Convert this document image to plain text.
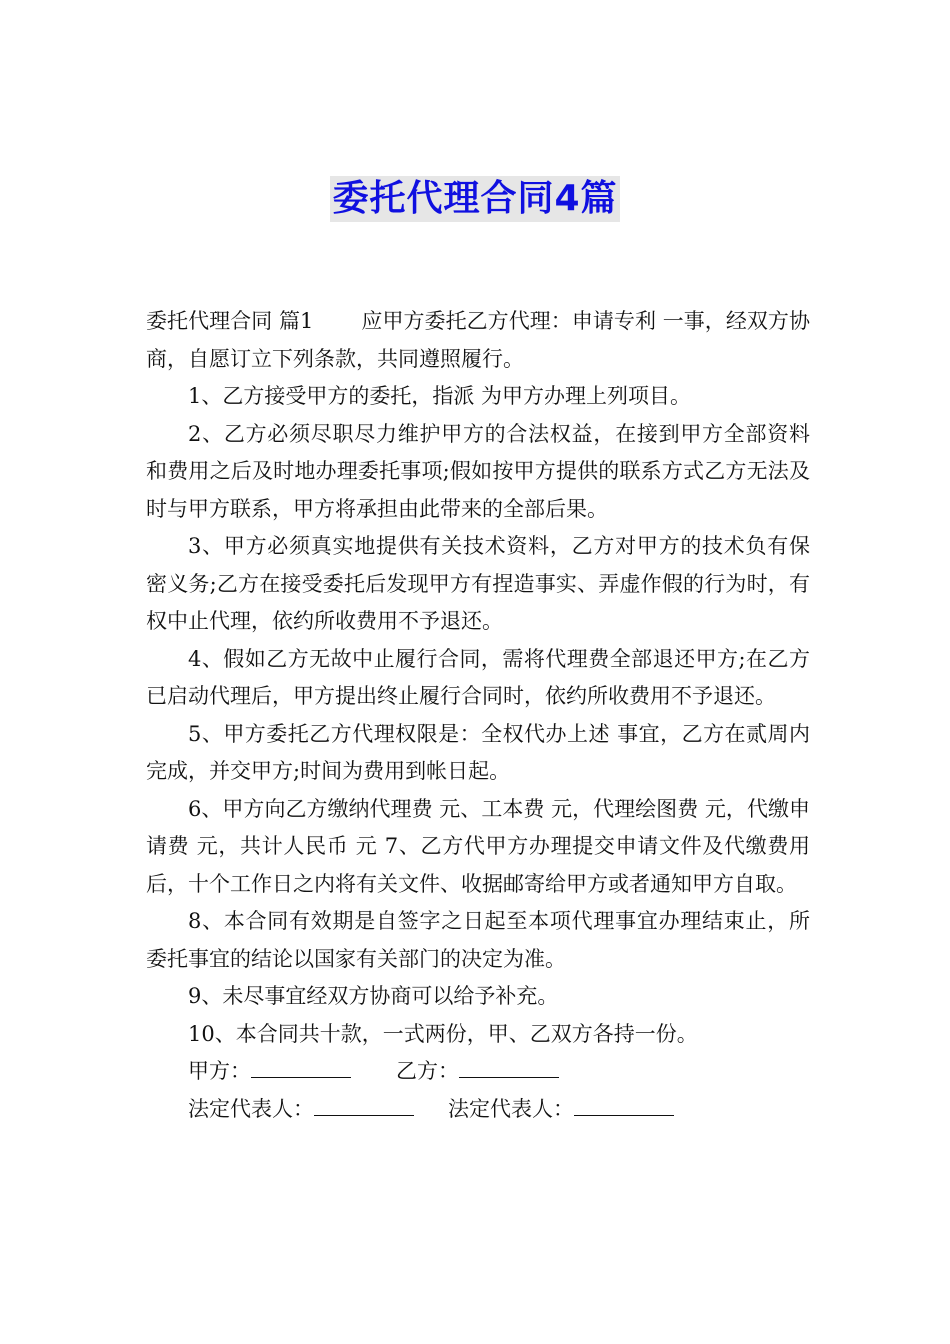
委托代理合同4篇

委托代理合同 篇1 应甲方委托乙方代理：申请专利 一事，经双方协商，自愿订立下列条款，共同遵照履行。

1、乙方接受甲方的委托，指派 为甲方办理上列项目。

2、乙方必须尽职尽力维护甲方的合法权益，在接到甲方全部资料和费用之后及时地办理委托事项;假如按甲方提供的联系方式乙方无法及时与甲方联系，甲方将承担由此带来的全部后果。

3、甲方必须真实地提供有关技术资料，乙方对甲方的技术负有保密义务;乙方在接受委托后发现甲方有捏造事实、弄虚作假的行为时，有权中止代理，依约所收费用不予退还。

4、假如乙方无故中止履行合同，需将代理费全部退还甲方;在乙方已启动代理后，甲方提出终止履行合同时，依约所收费用不予退还。

5、甲方委托乙方代理权限是：全权代办上述 事宜，乙方在贰周内完成，并交甲方;时间为费用到帐日起。

6、甲方向乙方缴纳代理费 元、工本费 元，代理绘图费 元，代缴申请费 元，共计人民币 元 7、乙方代甲方办理提交申请文件及代缴费用后，十个工作日之内将有关文件、收据邮寄给甲方或者通知甲方自取。

8、本合同有效期是自签字之日起至本项代理事宜办理结束止，所委托事宜的结论以国家有关部门的决定为准。

9、未尽事宜经双方协商可以给予补充。

10、本合同共十款，一式两份，甲、乙双方各持一份。

甲方：	乙方：

法定代表人：	法定代表人：
